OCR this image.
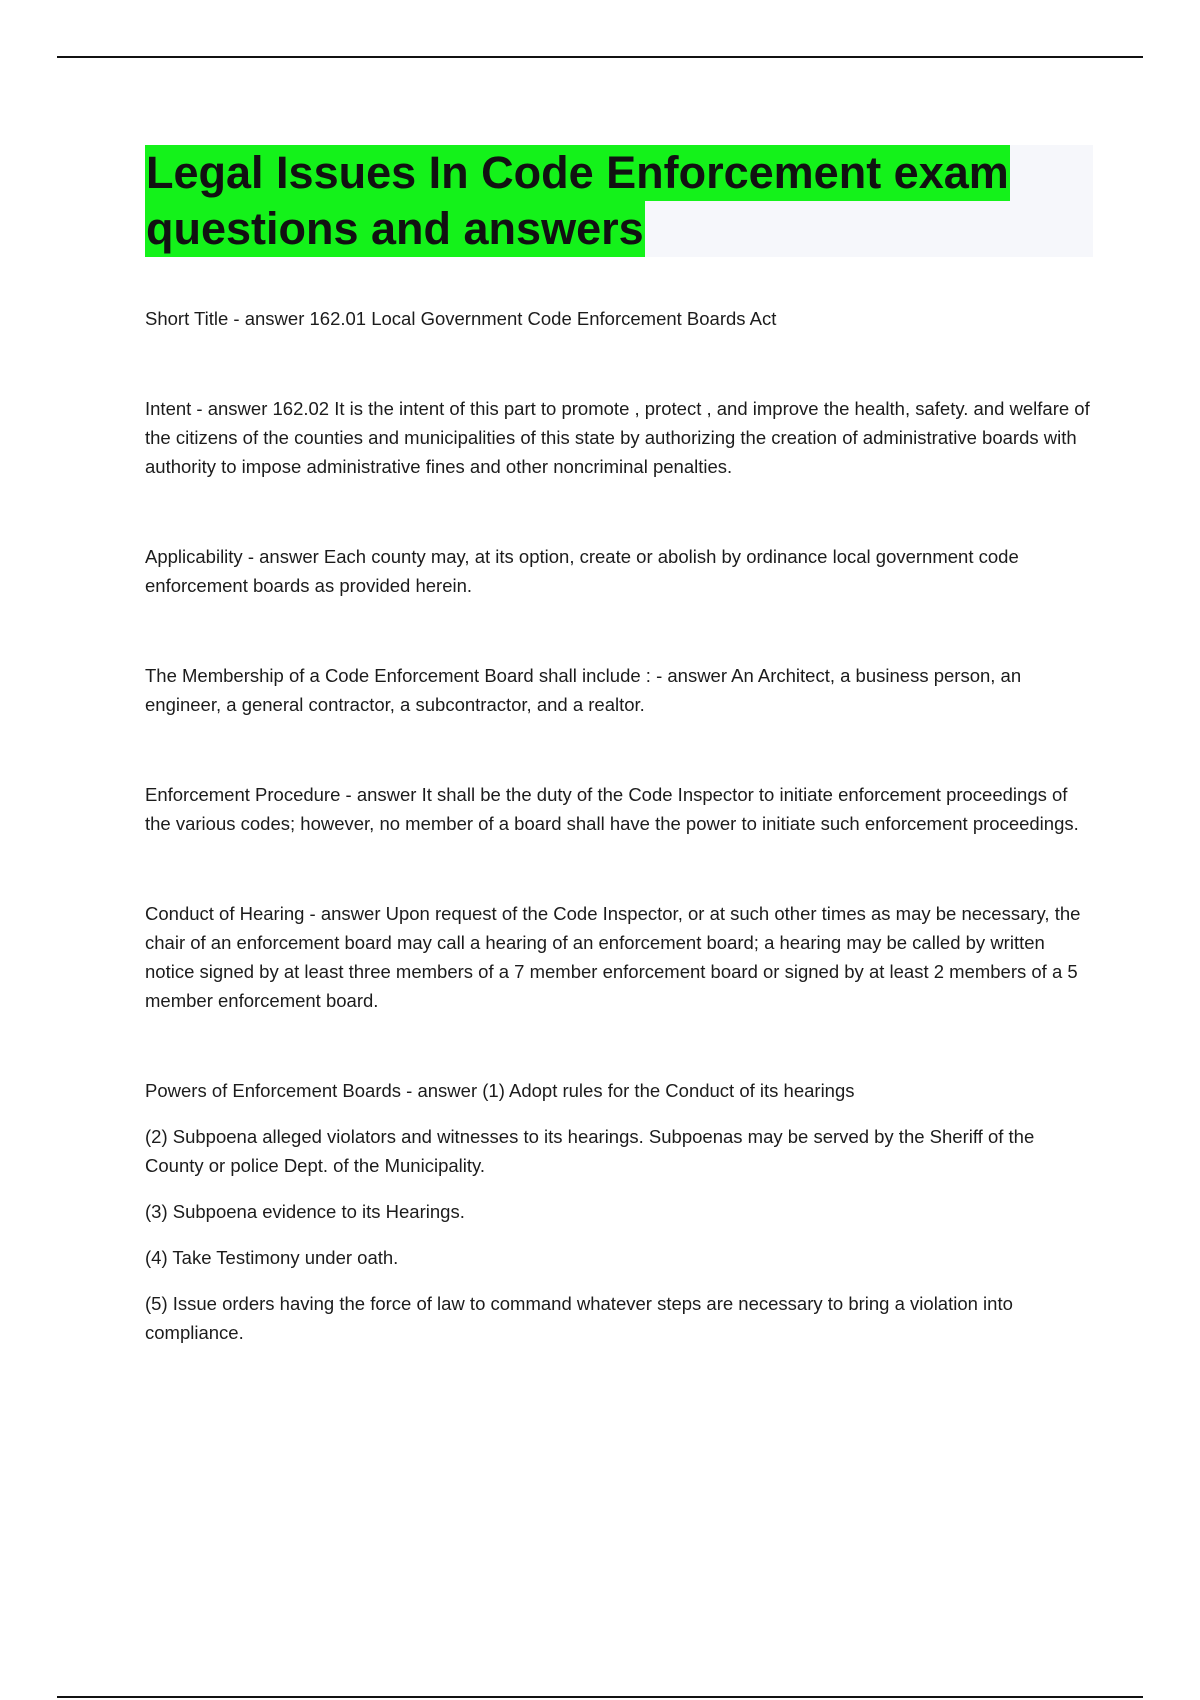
Legal Issues In Code Enforcement exam
questions and answers

Short Title - answer 162.01 Local Government Code Enforcement Boards Act

Intent - answer 162.02 It is the intent of this part to promote , protect , and improve the health, safety. and welfare of the citizens of the counties and municipalities of this state by authorizing the creation of administrative boards with authority to impose administrative fines and other noncriminal penalties.

Applicability - answer Each county may, at its option, create or abolish by ordinance local government code enforcement boards as provided herein.

The Membership of a Code Enforcement Board shall include : - answer An Architect, a business person, an engineer, a general contractor, a subcontractor, and a realtor.

Enforcement Procedure - answer It shall be the duty of the Code Inspector to initiate enforcement proceedings of the various codes; however, no member of a board shall have the power to initiate such enforcement proceedings.

Conduct of Hearing - answer Upon request of the Code Inspector, or at such other times as may be necessary, the chair of an enforcement board may call a hearing of an enforcement board; a hearing may be called by written notice signed by at least three members of a 7 member enforcement board or signed by at least 2 members of a 5 member enforcement board.

Powers of Enforcement Boards - answer (1) Adopt rules for the Conduct of its hearings

(2) Subpoena alleged violators and witnesses to its hearings. Subpoenas may be served by the Sheriff of the County or police Dept. of the Municipality.

(3) Subpoena evidence to its Hearings.

(4) Take Testimony under oath.

(5) Issue orders having the force of law to command whatever steps are necessary to bring a violation into compliance.
